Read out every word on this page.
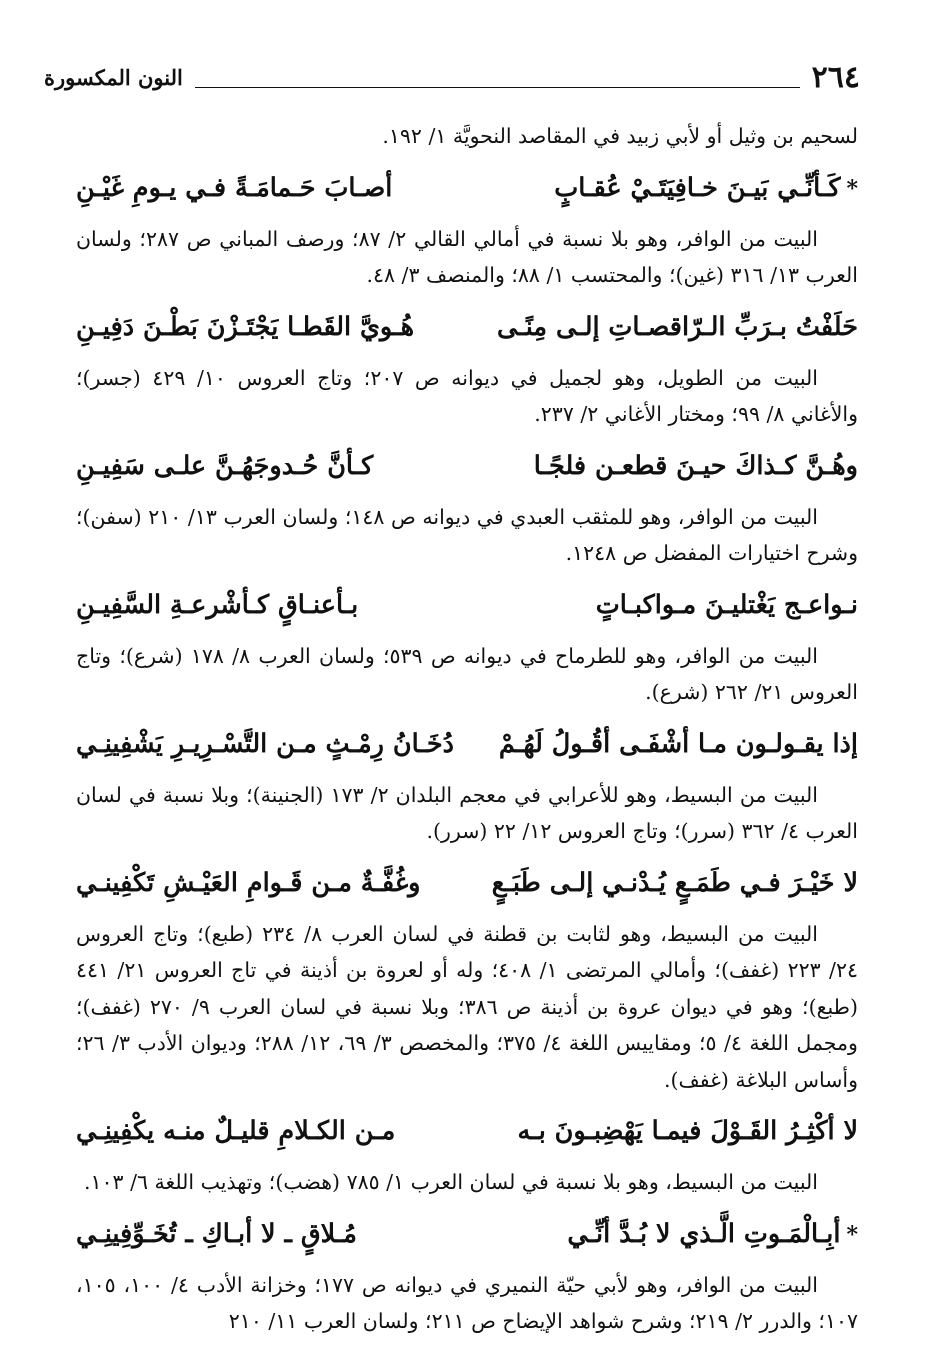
٢٦٤
النون المكسورة

لسحيم بن وثيل أو لأبي زبيد في المقاصد النحويَّة ١/ ١٩٢.

*كَـأنِّـي بَيـنَ خـافِيَتَـيْ عُقـابٍ
أصـابَ حَـمامَـةً فـي يـومِ غَيْـنِ

البيت من الوافر، وهو بلا نسبة في أمالي القالي ٢/ ٨٧؛ ورصف المباني ص ٢٨٧؛ ولسان العرب ١٣/ ٣١٦ (غين)؛ والمحتسب ١/ ٨٨؛ والمنصف ٣/ ٤٨.

حَلَفْتُ بـرَبِّ الـرّاقصـاتِ إلـى مِنًـى
هُـويَّ القَطـا يَجْتَـزْنَ بَطْـنَ دَفِيـنِ

البيت من الطويل، وهو لجميل في ديوانه ص ٢٠٧؛ وتاج العروس ١٠/ ٤٢٩ (جسر)؛ والأغاني ٨/ ٩٩؛ ومختار الأغاني ٢/ ٢٣٧.

وهُـنَّ كـذاكَ حيـنَ قطعـن فلجًـا
كـأنَّ حُـدوجَهُـنَّ علـى سَفِيـنِ

البيت من الوافر، وهو للمثقب العبدي في ديوانه ص ١٤٨؛ ولسان العرب ١٣/ ٢١٠ (سفن)؛ وشرح اختيارات المفضل ص ١٢٤٨.

نـواعـج يَغْتليـنَ مـواكبـاتٍ
بـأعنـاقٍ كـأشْرعـةِ السَّفِيـنِ

البيت من الوافر، وهو للطرماح في ديوانه ص ٥٣٩؛ ولسان العرب ٨/ ١٧٨ (شرع)؛ وتاج العروس ٢١/ ٢٦٢ (شرع).

إذا يقـولـون مـا أشْفَـى أقُـولُ لَهُـمْ
دُخَـانُ رِمْـثٍ مـن التَّسْـرِيـرِ يَشْفِينِـي

البيت من البسيط، وهو للأعرابي في معجم البلدان ٢/ ١٧٣ (الجنينة)؛ وبلا نسبة في لسان العرب ٤/ ٣٦٢ (سرر)؛ وتاج العروس ١٢/ ٢٢ (سرر).

لا خَيْـرَ فـي طَمَـعٍ يُـدْنـي إلـى طَبَـعٍ
وغُفَّـةٌ مـن قَـوامِ العَيْـشِ تَكْفِينـي

البيت من البسيط، وهو لثابت بن قطنة في لسان العرب ٨/ ٢٣٤ (طبع)؛ وتاج العروس ٢٤/ ٢٢٣ (غفف)؛ وأمالي المرتضى ١/ ٤٠٨؛ وله أو لعروة بن أذينة في تاج العروس ٢١/ ٤٤١ (طبع)؛ وهو في ديوان عروة بن أذينة ص ٣٨٦؛ وبلا نسبة في لسان العرب ٩/ ٢٧٠ (غفف)؛ ومجمل اللغة ٤/ ٥؛ ومقاييس اللغة ٤/ ٣٧٥؛ والمخصص ٣/ ٦٩، ١٢/ ٢٨٨؛ وديوان الأدب ٣/ ٢٦؛ وأساس البلاغة (غفف).

لا أكْثِـرُ القَـوْلَ فيمـا يَهْضِبـونَ بـه
مـن الكـلامِ قليـلٌ منـه يكْفِينِـي

البيت من البسيط، وهو بلا نسبة في لسان العرب ١/ ٧٨٥ (هضب)؛ وتهذيب اللغة ٦/ ١٠٣.

*أبِـالْمَـوتِ الَّـذي لا بُـدَّ أنِّـي
مُـلاقٍ ـ لا أبـاكِ ـ تُخَـوِّفِينِـي

البيت من الوافر، وهو لأبي حيّة النميري في ديوانه ص ١٧٧؛ وخزانة الأدب ٤/ ١٠٠، ١٠٥، ١٠٧؛ والدرر ٢/ ٢١٩؛ وشرح شواهد الإيضاح ص ٢١١؛ ولسان العرب ١١/ ٢١٠
